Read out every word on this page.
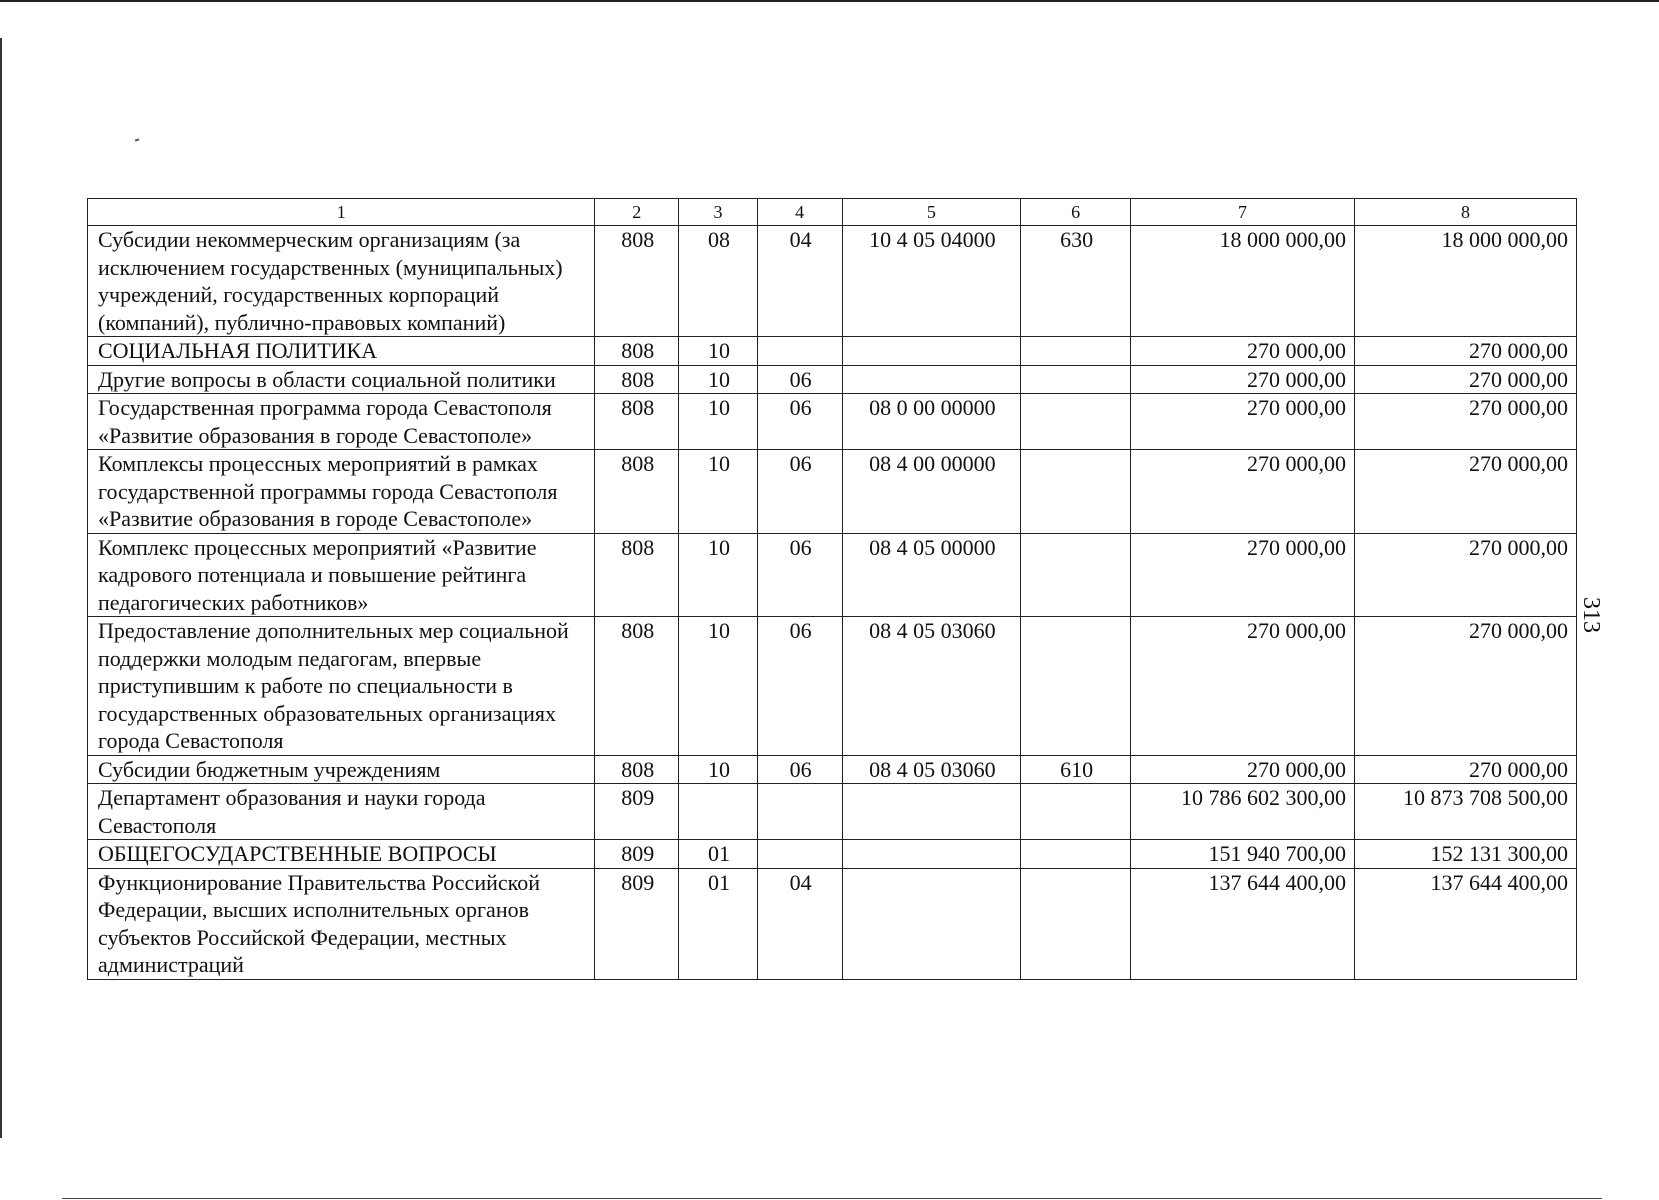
1	2	3	4	5	6	7	8
Субсидии некоммерческим организациям (за исключением государственных (муниципальных) учреждений, государственных корпораций (компаний), публично-правовых компаний)	808	08	04	10 4 05 04000	630	18 000 000,00	18 000 000,00
СОЦИАЛЬНАЯ ПОЛИТИКА	808	10				270 000,00	270 000,00
Другие вопросы в области социальной политики	808	10	06			270 000,00	270 000,00
Государственная программа города Севастополя «Развитие образования в городе Севастополе»	808	10	06	08 0 00 00000		270 000,00	270 000,00
Комплексы процессных мероприятий в рамках государственной программы города Севастополя «Развитие образования в городе Севастополе»	808	10	06	08 4 00 00000		270 000,00	270 000,00
Комплекс процессных мероприятий «Развитие кадрового потенциала и повышение рейтинга педагогических работников»	808	10	06	08 4 05 00000		270 000,00	270 000,00
Предоставление дополнительных мер социальной поддержки молодым педагогам, впервые приступившим к работе по специальности в государственных образовательных организациях города Севастополя	808	10	06	08 4 05 03060		270 000,00	270 000,00
Субсидии бюджетным учреждениям	808	10	06	08 4 05 03060	610	270 000,00	270 000,00
Департамент образования и науки города Севастополя	809					10 786 602 300,00	10 873 708 500,00
ОБЩЕГОСУДАРСТВЕННЫЕ ВОПРОСЫ	809	01				151 940 700,00	152 131 300,00
Функционирование Правительства Российской Федерации, высших исполнительных органов субъектов Российской Федерации, местных администраций	809	01	04			137 644 400,00	137 644 400,00
313
